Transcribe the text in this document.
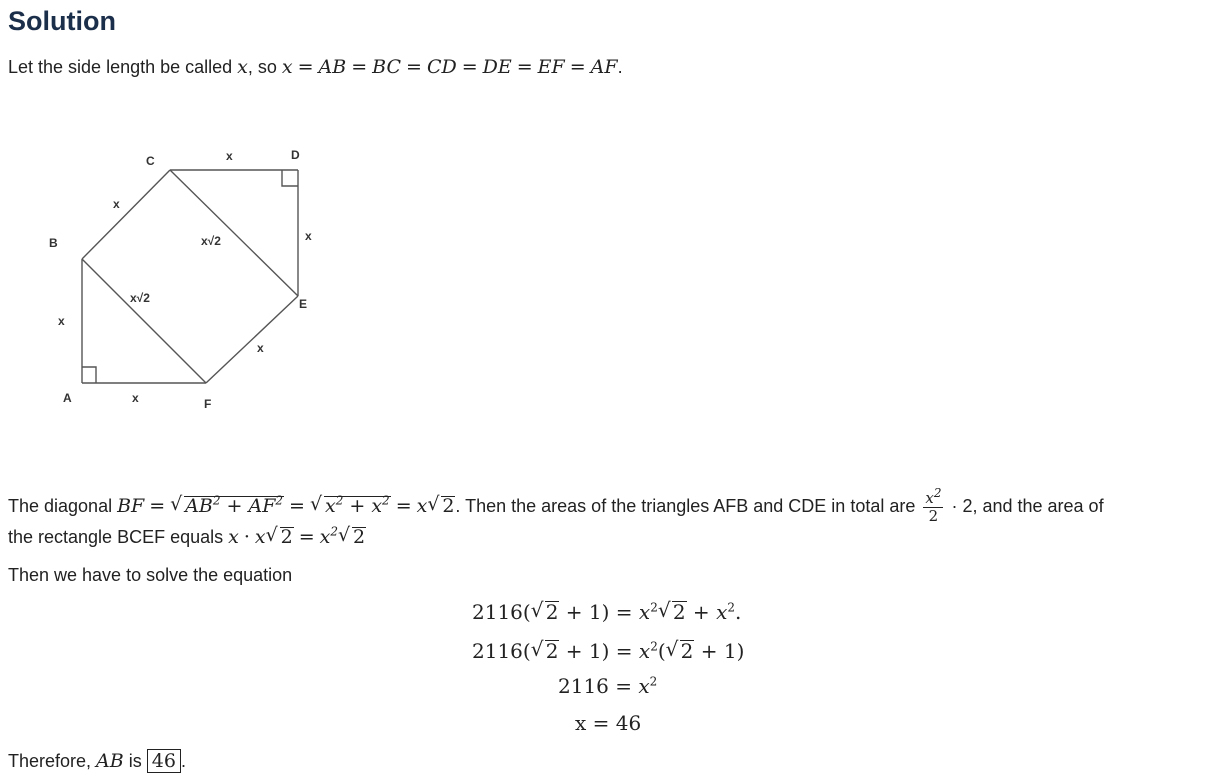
Solution
Let the side length be called x, so x = AB = BC = CD = DE = EF = AF.
A
B
C	D
E
F
x
x
x
x
x
x
x√2
x√2
The diagonal BF =√ $AB^2 + AF^2$ =√ $x^2 + x^2 = x√$ 2. Then the areas of the triangles AFB and CDE in total are $\frac{x^2}{2} \cdot 2$, and the area of
the rectangle BCEF equals x · x√ $2 = x^2√$ 2
Then we have to solve the equation
2116(√ $2 + 1) = x^2√$ $2 + x^2$.
2116(√ $2 + 1) = x^2(√$ 2 + 1)
$2116 = x^2$
x = 46
Therefore, AB is 46 .
